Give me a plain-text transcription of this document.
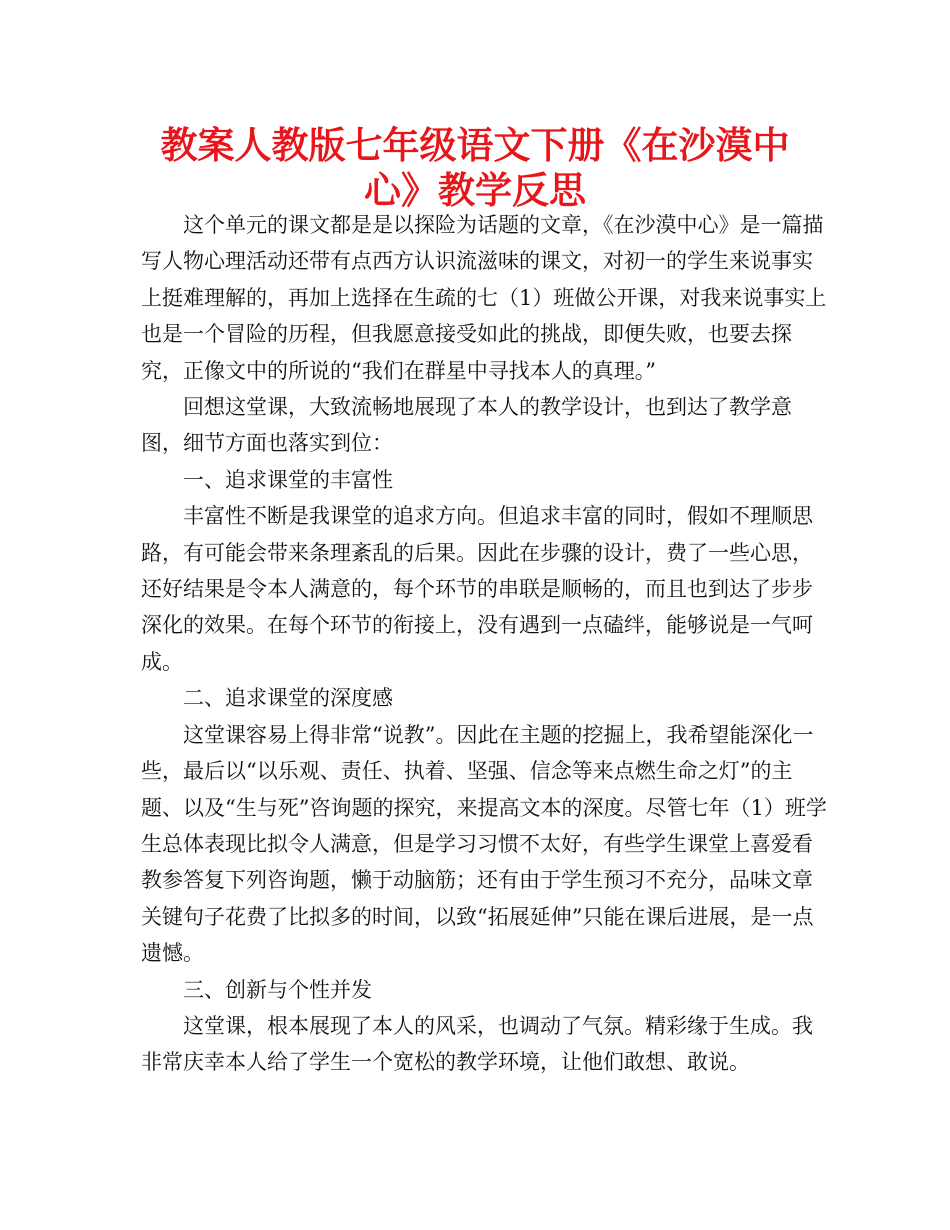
教案人教版七年级语文下册《在沙漠中
心》教学反思

这个单元的课文都是是以探险为话题的文章，《在沙漠中心》是一篇描写人物心理活动还带有点西方认识流滋味的课文，对初一的学生来说事实上挺难理解的，再加上选择在生疏的七（1）班做公开课，对我来说事实上也是一个冒险的历程，但我愿意接受如此的挑战，即便失败，也要去探究，正像文中的所说的“我们在群星中寻找本人的真理。”

回想这堂课，大致流畅地展现了本人的教学设计，也到达了教学意图，细节方面也落实到位：

一、追求课堂的丰富性

丰富性不断是我课堂的追求方向。但追求丰富的同时，假如不理顺思路，有可能会带来条理紊乱的后果。因此在步骤的设计，费了一些心思，还好结果是令本人满意的，每个环节的串联是顺畅的，而且也到达了步步深化的效果。在每个环节的衔接上，没有遇到一点磕绊，能够说是一气呵成。

二、追求课堂的深度感

这堂课容易上得非常“说教”。因此在主题的挖掘上，我希望能深化一些，最后以“以乐观、责任、执着、坚强、信念等来点燃生命之灯”的主题、以及“生与死”咨询题的探究，来提高文本的深度。尽管七年（1）班学生总体表现比拟令人满意，但是学习习惯不太好，有些学生课堂上喜爱看教参答复下列咨询题，懒于动脑筋；还有由于学生预习不充分，品味文章关键句子花费了比拟多的时间，以致“拓展延伸”只能在课后进展，是一点遗憾。

三、创新与个性并发

这堂课，根本展现了本人的风采，也调动了气氛。精彩缘于生成。我非常庆幸本人给了学生一个宽松的教学环境，让他们敢想、敢说。
